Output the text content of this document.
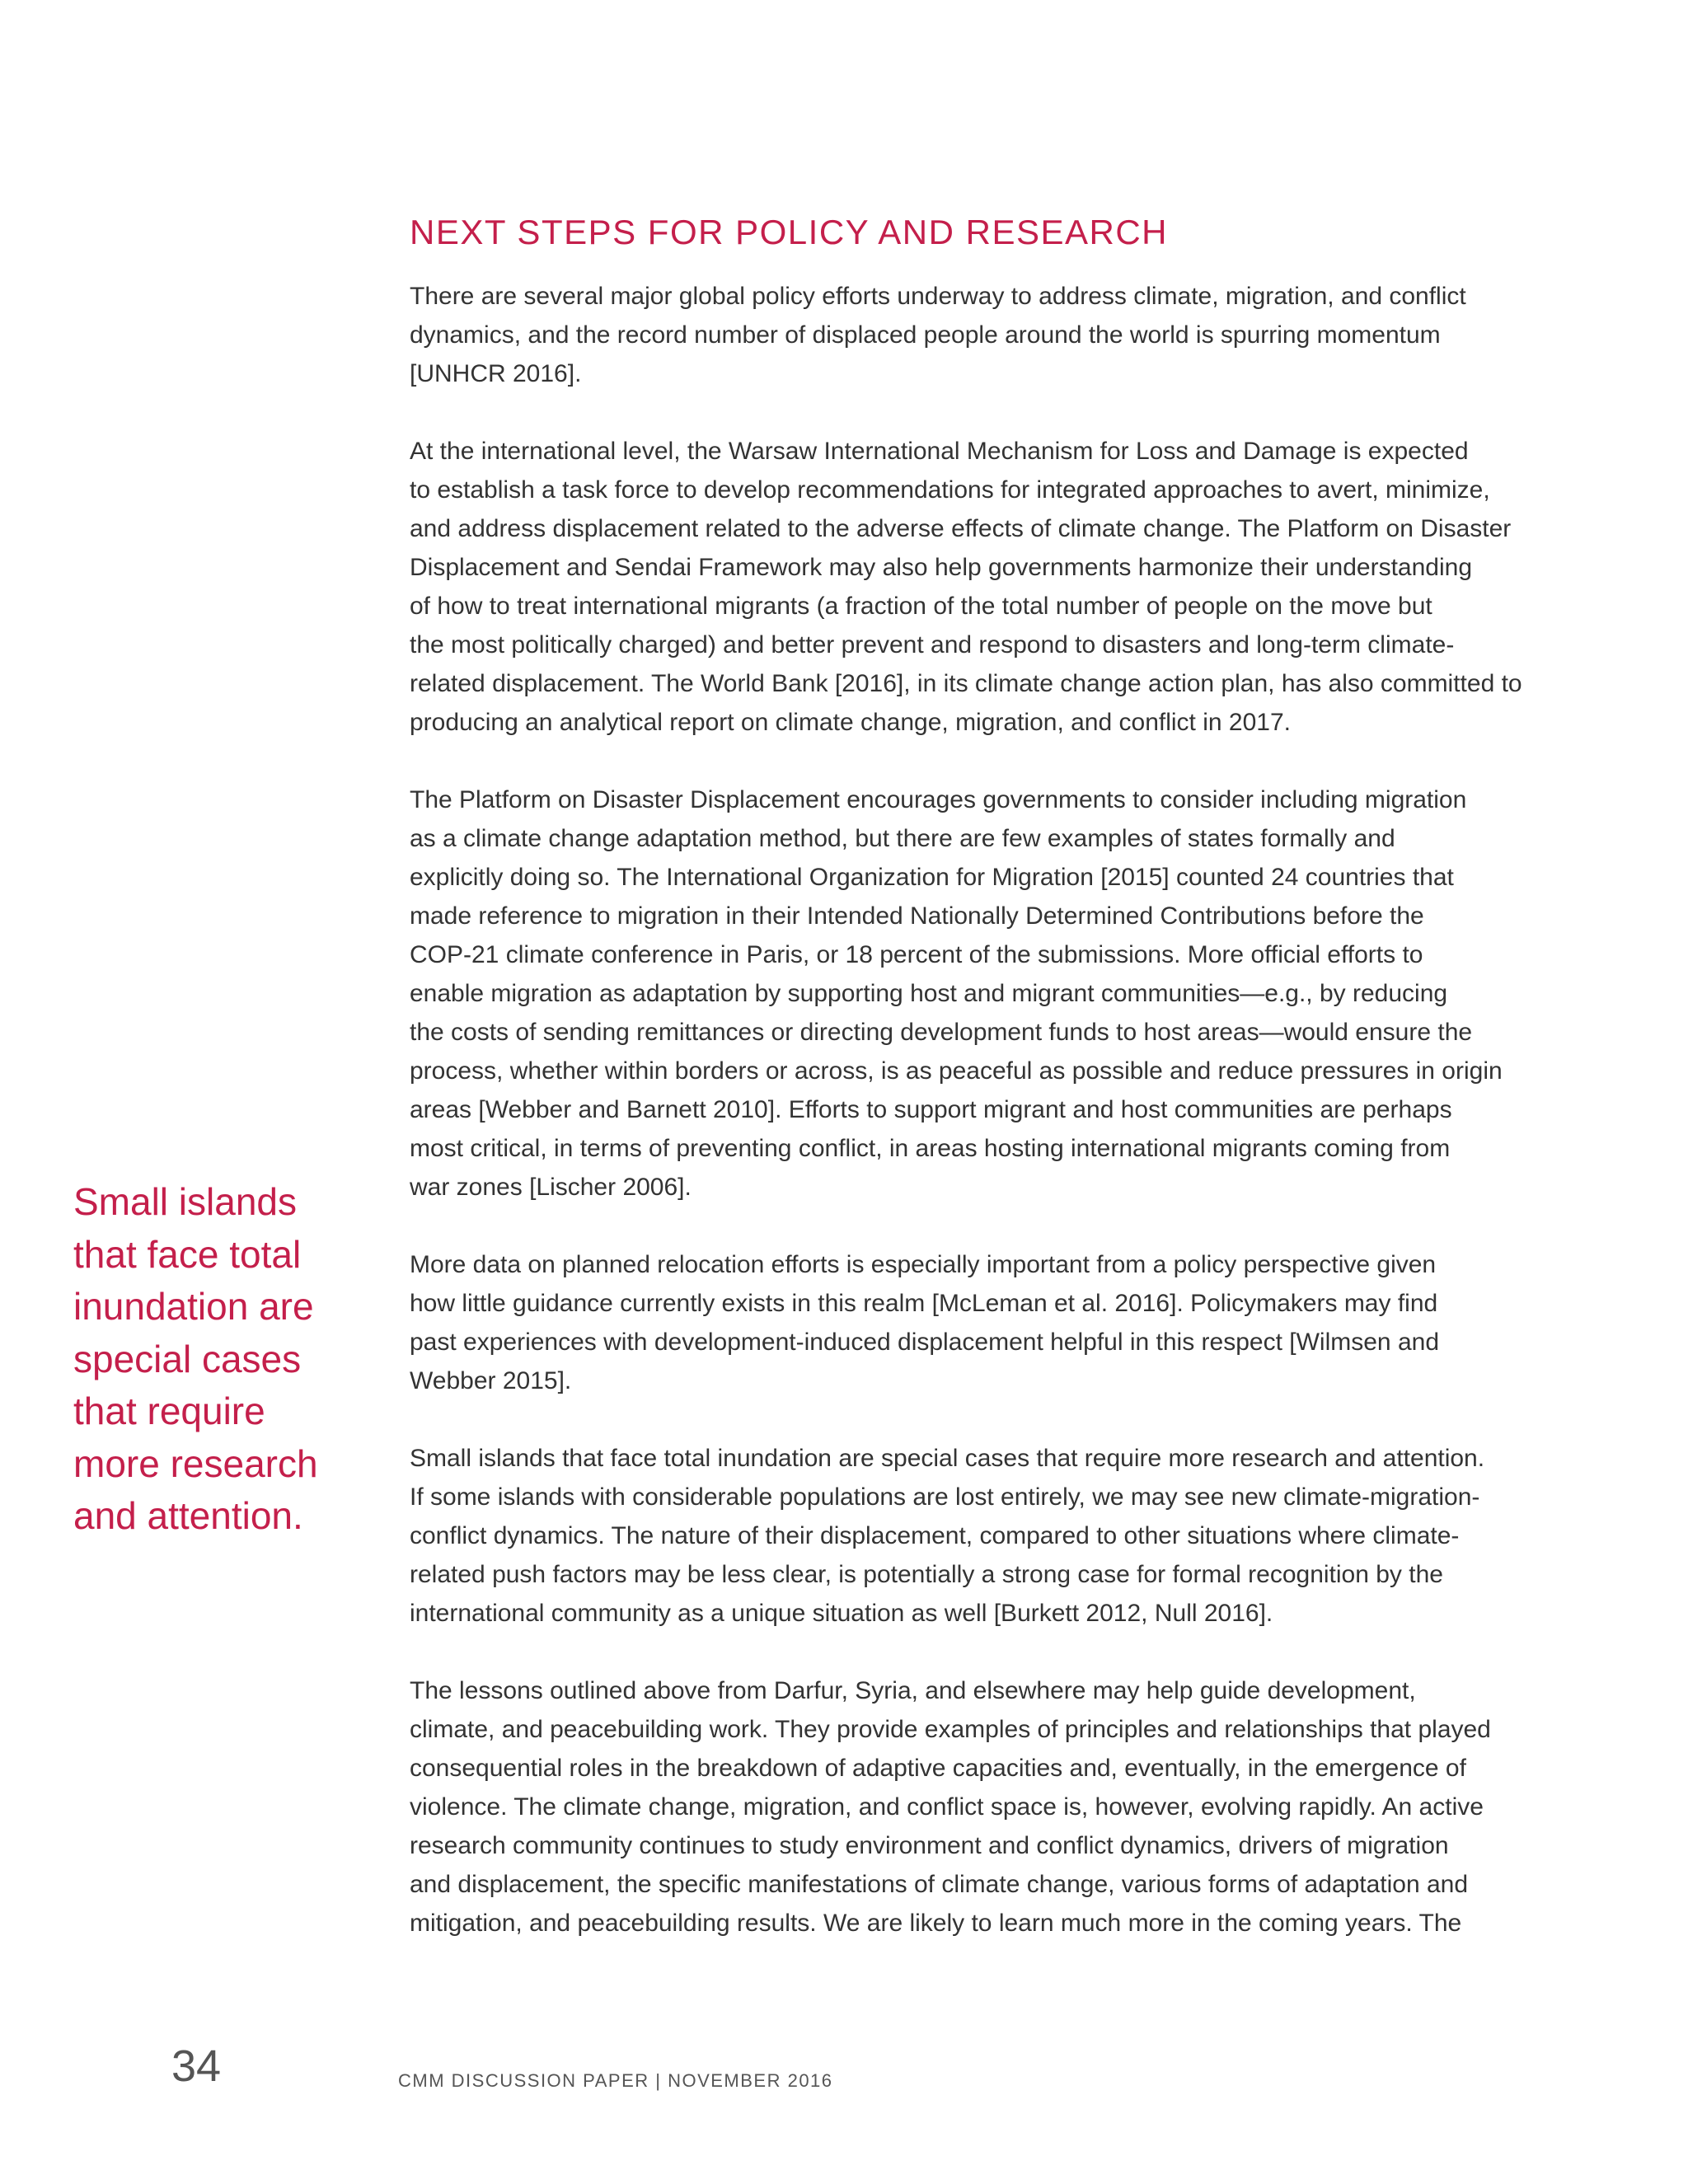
NEXT STEPS FOR POLICY AND RESEARCH

There are several major global policy efforts underway to address climate, migration, and conflict
dynamics, and the record number of displaced people around the world is spurring momentum
[UNHCR 2016].

At the international level, the Warsaw International Mechanism for Loss and Damage is expected
to establish a task force to develop recommendations for integrated approaches to avert, minimize,
and address displacement related to the adverse effects of climate change. The Platform on Disaster
Displacement and Sendai Framework may also help governments harmonize their understanding
of how to treat international migrants (a fraction of the total number of people on the move but
the most politically charged) and better prevent and respond to disasters and long-term climate-
related displacement. The World Bank [2016], in its climate change action plan, has also committed to
producing an analytical report on climate change, migration, and conflict in 2017.

The Platform on Disaster Displacement encourages governments to consider including migration
as a climate change adaptation method, but there are few examples of states formally and
explicitly doing so. The International Organization for Migration [2015] counted 24 countries that
made reference to migration in their Intended Nationally Determined Contributions before the
COP-21 climate conference in Paris, or 18 percent of the submissions. More official efforts to
enable migration as adaptation by supporting host and migrant communities—e.g., by reducing
the costs of sending remittances or directing development funds to host areas—would ensure the
process, whether within borders or across, is as peaceful as possible and reduce pressures in origin
areas [Webber and Barnett 2010]. Efforts to support migrant and host communities are perhaps
most critical, in terms of preventing conflict, in areas hosting international migrants coming from
war zones [Lischer 2006].

More data on planned relocation efforts is especially important from a policy perspective given
how little guidance currently exists in this realm [McLeman et al. 2016]. Policymakers may find
past experiences with development-induced displacement helpful in this respect [Wilmsen and
Webber 2015].

Small islands that face total inundation are special cases that require more research and attention.
If some islands with considerable populations are lost entirely, we may see new climate-migration-
conflict dynamics. The nature of their displacement, compared to other situations where climate-
related push factors may be less clear, is potentially a strong case for formal recognition by the
international community as a unique situation as well [Burkett 2012, Null 2016].

The lessons outlined above from Darfur, Syria, and elsewhere may help guide development,
climate, and peacebuilding work. They provide examples of principles and relationships that played
consequential roles in the breakdown of adaptive capacities and, eventually, in the emergence of
violence. The climate change, migration, and conflict space is, however, evolving rapidly. An active
research community continues to study environment and conflict dynamics, drivers of migration
and displacement, the specific manifestations of climate change, various forms of adaptation and
mitigation, and peacebuilding results. We are likely to learn much more in the coming years. The

Small islands
that face total
inundation are
special cases
that require
more research
and attention.
34	CMM DISCUSSION PAPER | NOVEMBER 2016
